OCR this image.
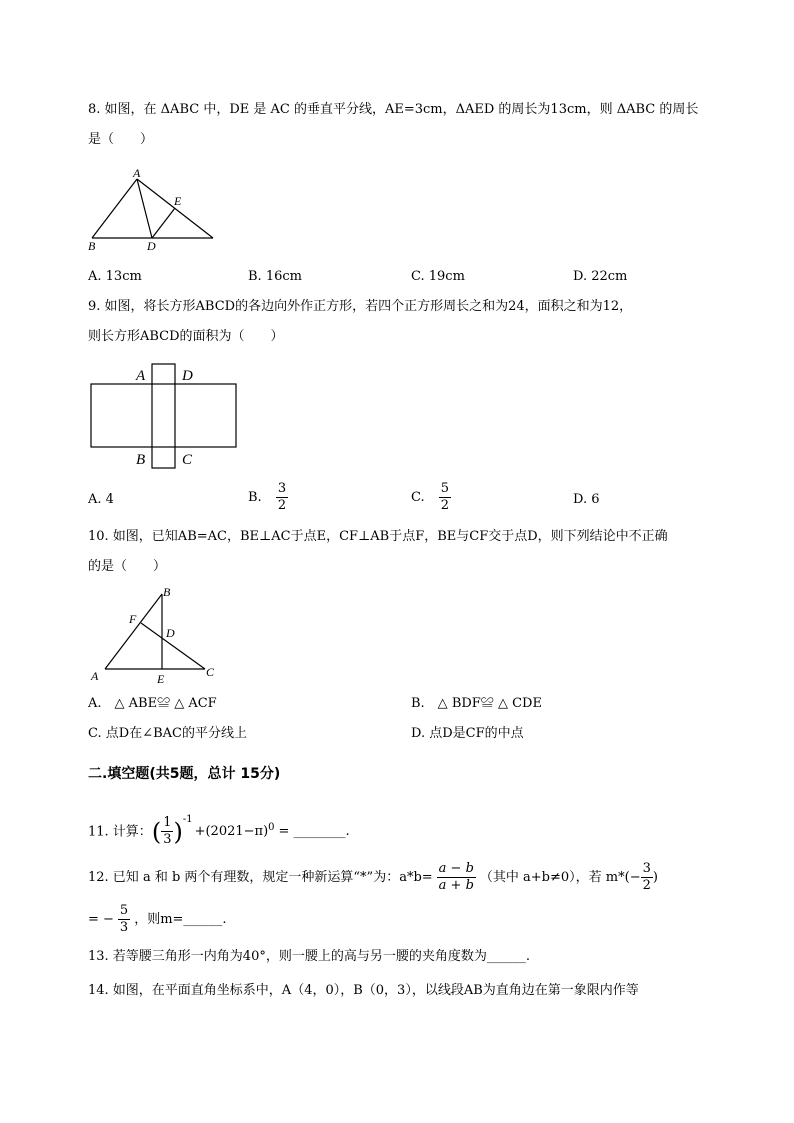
8. 如图，在 ΔABC 中，DE 是 AC 的垂直平分线，AE=3cm，ΔAED 的周长为13cm，则 ΔABC 的周长
是（　　）
A
B	D
E
A. 13cm	B. 16cm	C. 19cm	D. 22cm
9. 如图，将长方形ABCD的各边向外作正方形，若四个正方形周长之和为24，面积之和为12，
则长方形ABCD的面积为（　　）
A D
B C
A. 4	B. $\frac{3}{2}$	C. $\frac{5}{2}$	D. 6
10. 如图，已知AB=AC，BE⊥AC于点E，CF⊥AB于点F，BE与CF交于点D，则下列结论中不正确
的是（　　）
A
B
C
D
E
F
A.　△ ABE≌ △ ACF	B.　△ BDF≌ △ CDE
C. 点D在∠BAC的平分线上	D. 点D是CF的中点
二.填空题(共5题，总计 15分)
11. 计算：( $\frac{1}{3} )^{-1}+(2021-\pi)^0$ = ________.
12. 已知 a 和 b 两个有理数，规定一种新运算“*”为：$a*b= \frac{a - b}{a + b}$ （其中 a+b≠0），若 $m*(- \frac{3}{2}$ )
= − $\frac{5}{3}$ ，则m=______.
13. 若等腰三角形一内角为40°，则一腰上的高与另一腰的夹角度数为______.
14. 如图，在平面直角坐标系中，A（4，0），B（0，3），以线段AB为直角边在第一象限内作等
